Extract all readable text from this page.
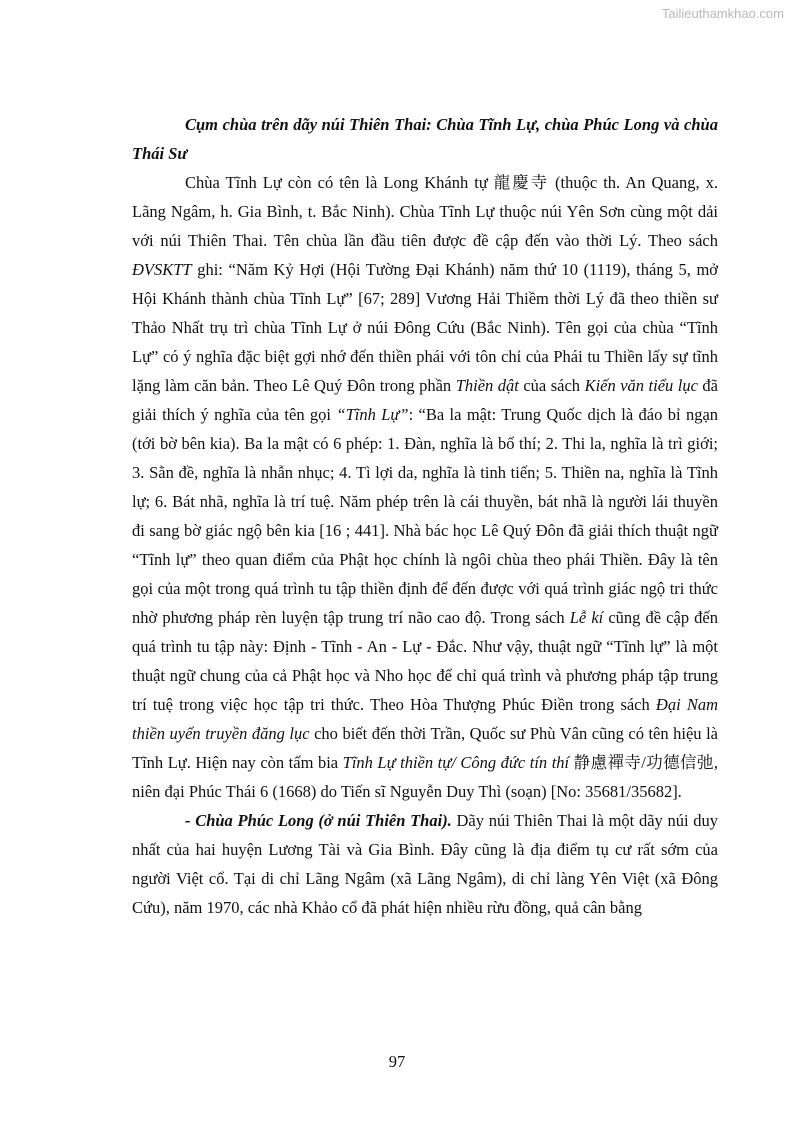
Tailieuthamkhao.com

Cụm chùa trên dãy núi Thiên Thai: Chùa Tĩnh Lự, chùa Phúc Long và chùa Thái Sư

Chùa Tĩnh Lự còn có tên là Long Khánh tự 龍慶寺 (thuộc th. An Quang, x. Lãng Ngâm, h. Gia Bình, t. Bắc Ninh). Chùa Tĩnh Lự thuộc núi Yên Sơn cùng một dải với núi Thiên Thai. Tên chùa lần đầu tiên được đề cập đến vào thời Lý. Theo sách ĐVSKTT ghi: “Năm Kỷ Hợi (Hội Tường Đại Khánh) năm thứ 10 (1119), tháng 5, mở Hội Khánh thành chùa Tĩnh Lự” [67; 289] Vương Hải Thiềm thời Lý đã theo thiền sư Thảo Nhất trụ trì chùa Tĩnh Lự ở núi Đông Cứu (Bắc Ninh). Tên gọi của chùa “Tĩnh Lự” có ý nghĩa đặc biệt gợi nhớ đến thiền phái với tôn chỉ của Phái tu Thiền lấy sự tĩnh lặng làm căn bản. Theo Lê Quý Đôn trong phần Thiền dật của sách Kiến văn tiểu lục đã giải thích ý nghĩa của tên gọi “Tĩnh Lự”: “Ba la mật: Trung Quốc dịch là đáo bỉ ngạn (tới bờ bên kia). Ba la mật có 6 phép: 1. Đàn, nghĩa là bố thí; 2. Thi la, nghĩa là trì giới; 3. Sằn đề, nghĩa là nhẫn nhục; 4. Tì lợi da, nghĩa là tinh tiến; 5. Thiền na, nghĩa là Tĩnh lự; 6. Bát nhã, nghĩa là trí tuệ. Năm phép trên là cái thuyền, bát nhã là người lái thuyền đi sang bờ giác ngộ bên kia [16 ; 441]. Nhà bác học Lê Quý Đôn đã giải thích thuật ngữ “Tĩnh lự” theo quan điểm của Phật học chính là ngôi chùa theo phái Thiền. Đây là tên gọi của một trong quá trình tu tập thiền định để đến được với quá trình giác ngộ tri thức nhờ phương pháp rèn luyện tập trung trí não cao độ. Trong sách Lễ kí cũng đề cập đến quá trình tu tập này: Định - Tĩnh - An - Lự - Đắc. Như vậy, thuật ngữ “Tĩnh lự” là một thuật ngữ chung của cả Phật học và Nho học để chỉ quá trình và phương pháp tập trung trí tuệ trong việc học tập tri thức. Theo Hòa Thượng Phúc Điền trong sách Đại Nam thiền uyển truyền đăng lục cho biết đến thời Trần, Quốc sư Phù Vân cũng có tên hiệu là Tĩnh Lự. Hiện nay còn tấm bia Tĩnh Lự thiền tự/ Công đức tín thí 静慮禪寺/功德信弛, niên đại Phúc Thái 6 (1668) do Tiến sĩ Nguyễn Duy Thì (soạn) [No: 35681/35682].

- Chùa Phúc Long (ở núi Thiên Thai). Dãy núi Thiên Thai là một dãy núi duy nhất của hai huyện Lương Tài và Gia Bình. Đây cũng là địa điểm tụ cư rất sớm của người Việt cổ. Tại di chỉ Lãng Ngâm (xã Lãng Ngâm), di chỉ làng Yên Việt (xã Đông Cứu), năm 1970, các nhà Khảo cổ đã phát hiện nhiều rừu đồng, quả cân bằng

97
